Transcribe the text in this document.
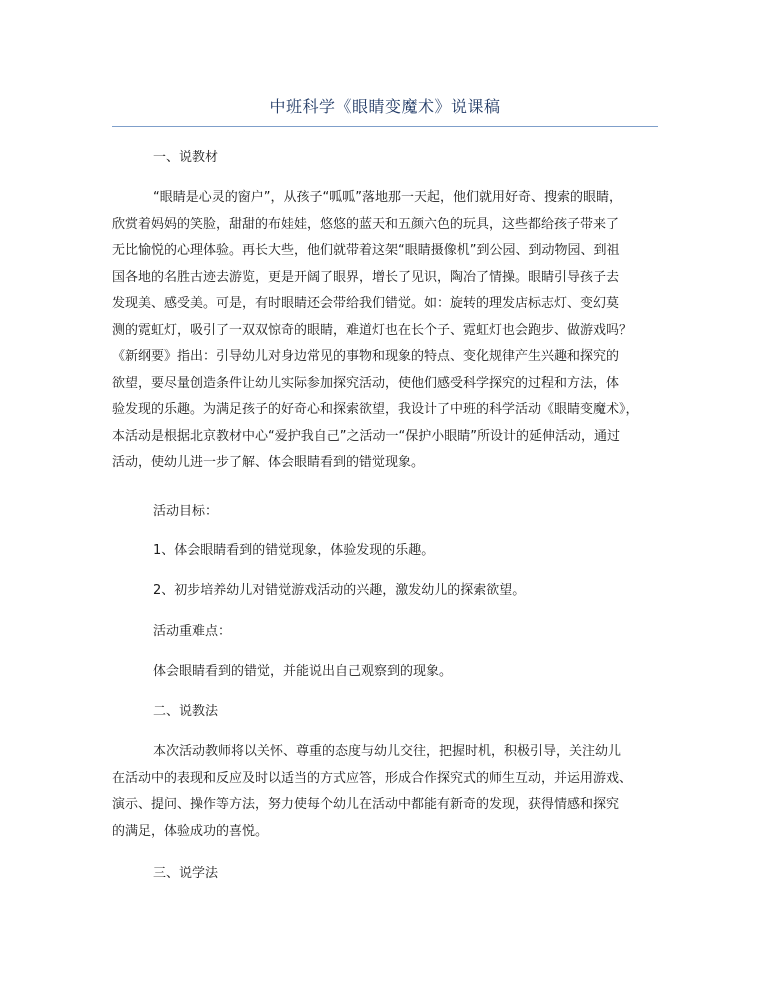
中班科学《眼睛变魔术》说课稿
一、说教材
“眼睛是心灵的窗户”，从孩子“呱呱”落地那一天起，他们就用好奇、搜索的眼睛，
欣赏着妈妈的笑脸，甜甜的布娃娃，悠悠的蓝天和五颜六色的玩具，这些都给孩子带来了
无比愉悦的心理体验。再长大些，他们就带着这架“眼睛摄像机”到公园、到动物园、到祖
国各地的名胜古迹去游览，更是开阔了眼界，增长了见识，陶冶了情操。眼睛引导孩子去
发现美、感受美。可是，有时眼睛还会带给我们错觉。如：旋转的理发店标志灯、变幻莫
测的霓虹灯，吸引了一双双惊奇的眼睛，难道灯也在长个子、霓虹灯也会跑步、做游戏吗？
《新纲要》指出：引导幼儿对身边常见的事物和现象的特点、变化规律产生兴趣和探究的
欲望，要尽量创造条件让幼儿实际参加探究活动，使他们感受科学探究的过程和方法，体
验发现的乐趣。为满足孩子的好奇心和探索欲望，我设计了中班的科学活动《眼睛变魔术》，
本活动是根据北京教材中心“爱护我自己”之活动一“保护小眼睛”所设计的延伸活动，通过
活动，使幼儿进一步了解、体会眼睛看到的错觉现象。
活动目标：
1、体会眼睛看到的错觉现象，体验发现的乐趣。
2、初步培养幼儿对错觉游戏活动的兴趣，激发幼儿的探索欲望。
活动重难点：
体会眼睛看到的错觉，并能说出自己观察到的现象。
二、说教法
本次活动教师将以关怀、尊重的态度与幼儿交往，把握时机，积极引导，关注幼儿
在活动中的表现和反应及时以适当的方式应答，形成合作探究式的师生互动，并运用游戏、
演示、提问、操作等方法，努力使每个幼儿在活动中都能有新奇的发现，获得情感和探究
的满足，体验成功的喜悦。
三、说学法
